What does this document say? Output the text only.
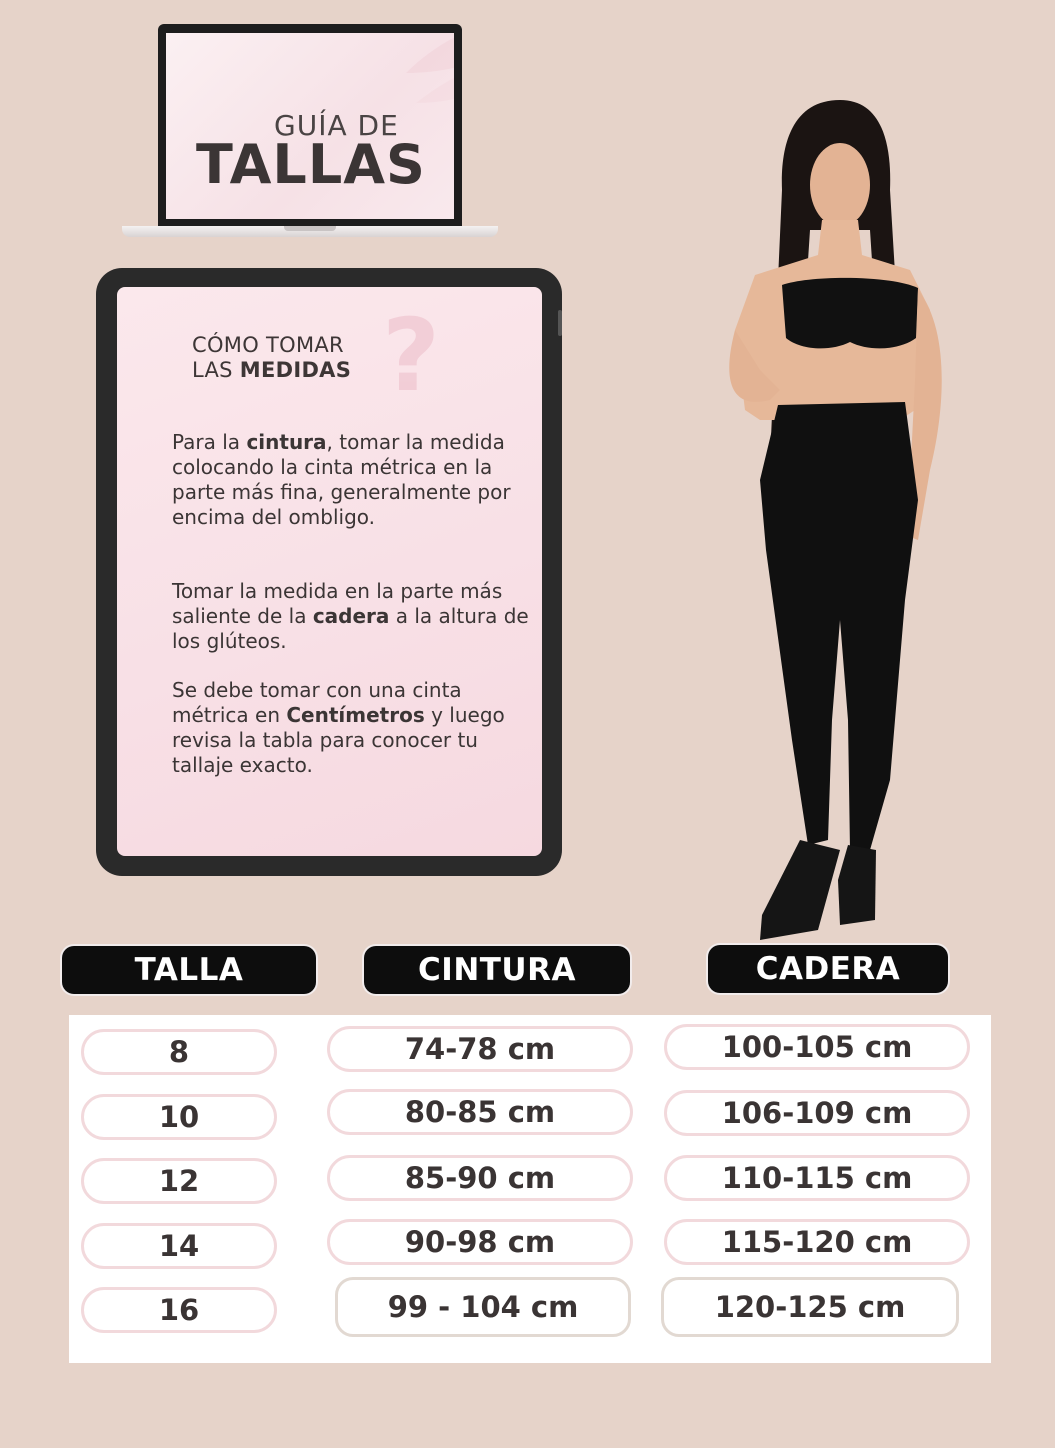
GUÍA DE
TALLAS
?
CÓMO TOMAR
LAS MEDIDAS

Para la cintura, tomar la medida colocando la cinta métrica en la parte más fina, generalmente por encima del ombligo.

Tomar la medida en la parte más saliente de la cadera a la altura de los glúteos.

Se debe tomar con una cinta métrica en Centímetros y luego revisa la tabla para conocer tu tallaje exacto.

TALLA	CINTURA	CADERA
8	74-78 cm	100-105 cm
10	80-85 cm	106-109 cm
12	85-90 cm	110-115 cm
14	90-98 cm	115-120 cm
16	99 - 104 cm	120-125 cm
